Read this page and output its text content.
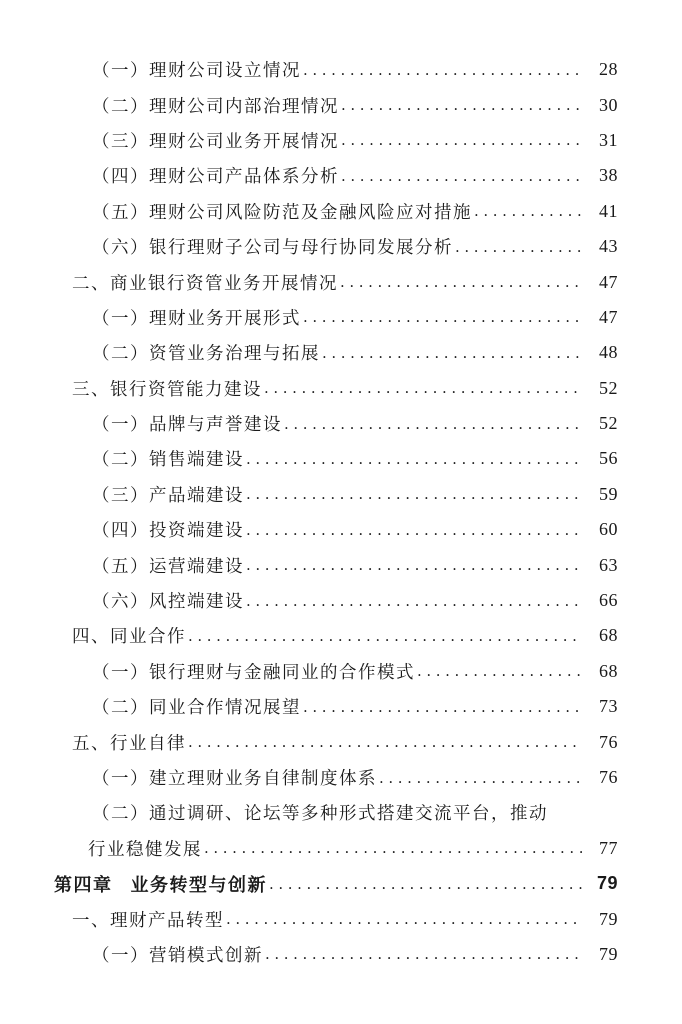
（一）理财公司设立情况 .....	28
（二）理财公司内部治理情况 .....	30
（三）理财公司业务开展情况 .....	31
（四）理财公司产品体系分析 .....	38
（五）理财公司风险防范及金融风险应对措施 .....	41
（六）银行理财子公司与母行协同发展分析 .....	43
二、商业银行资管业务开展情况 .....	47
（一）理财业务开展形式 .....	47
（二）资管业务治理与拓展 .....	48
三、银行资管能力建设 .....	52
（一）品牌与声誉建设 .....	52
（二）销售端建设 .....	56
（三）产品端建设 .....	59
（四）投资端建设 .....	60
（五）运营端建设 .....	63
（六）风控端建设 .....	66
四、同业合作 .....	68
（一）银行理财与金融同业的合作模式 .....	68
（二）同业合作情况展望 .....	73
五、行业自律 .....	76
（一）建立理财业务自律制度体系 .....	76
（二）通过调研、论坛等多种形式搭建交流平台，推动
行业稳健发展 .....	77
第四章 业务转型与创新 .....	79
一、理财产品转型 .....	79
（一）营销模式创新 .....	79
